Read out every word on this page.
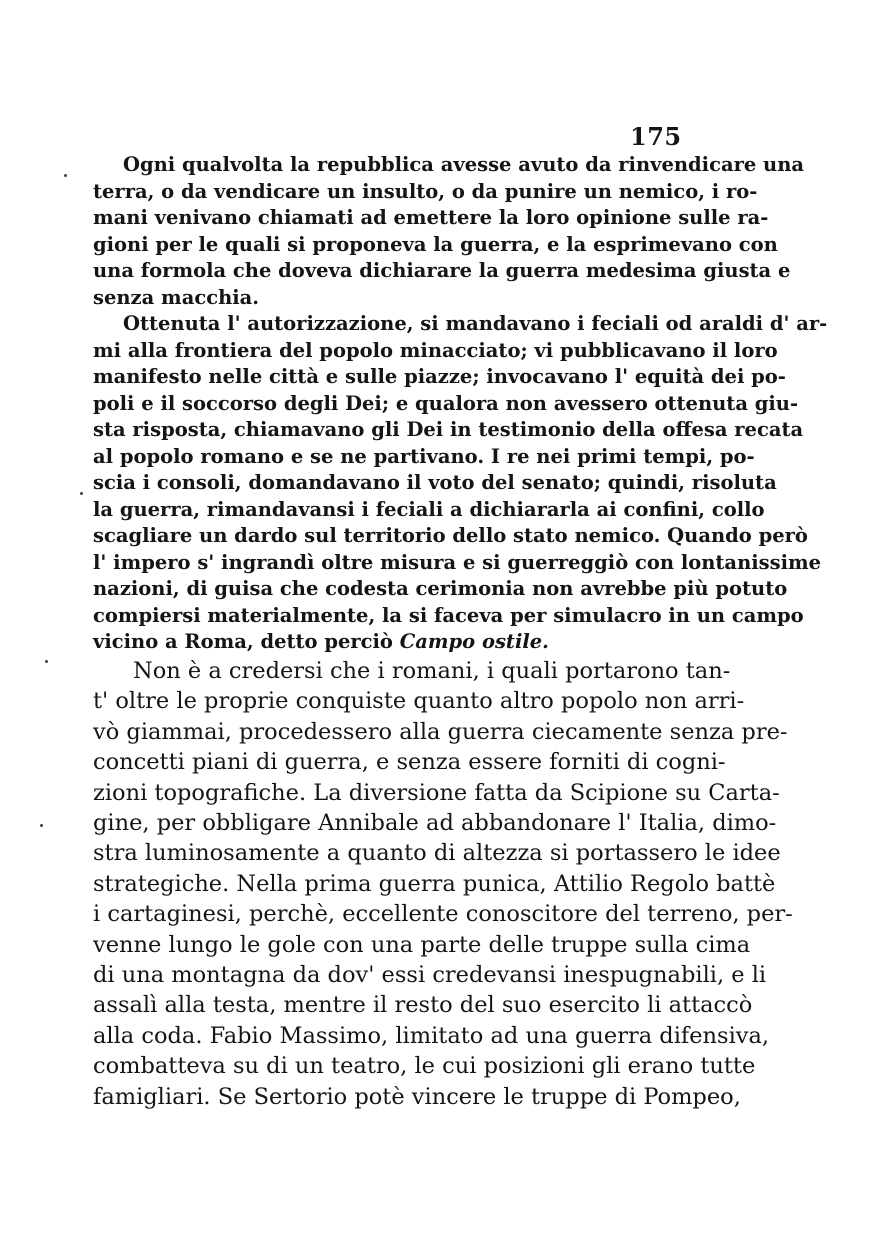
175
Ogni qualvolta la repubblica avesse avuto da rinvendicare una
terra, o da vendicare un insulto, o da punire un nemico, i ro-
mani venivano chiamati ad emettere la loro opinione sulle ra-
gioni per le quali si proponeva la guerra, e la esprimevano con
una formola che doveva dichiarare la guerra medesima giusta e
senza macchia.
Ottenuta l' autorizzazione, si mandavano i feciali od araldi d' ar-
mi alla frontiera del popolo minacciato; vi pubblicavano il loro
manifesto nelle città e sulle piazze; invocavano l' equità dei po-
poli e il soccorso degli Dei; e qualora non avessero ottenuta giu-
sta risposta, chiamavano gli Dei in testimonio della offesa recata
al popolo romano e se ne partivano. I re nei primi tempi, po-
scia i consoli, domandavano il voto del senato; quindi, risoluta
la guerra, rimandavansi i feciali a dichiararla ai confini, collo
scagliare un dardo sul territorio dello stato nemico. Quando però
l' impero s' ingrandì oltre misura e si guerreggiò con lontanissime
nazioni, di guisa che codesta cerimonia non avrebbe più potuto
compiersi materialmente, la si faceva per simulacro in un campo
vicino a Roma, detto perciò Campo ostile.
Non è a credersi che i romani, i quali portarono tan-
t' oltre le proprie conquiste quanto altro popolo non arri-
vò giammai, procedessero alla guerra ciecamente senza pre-
concetti piani di guerra, e senza essere forniti di cogni-
zioni topografiche. La diversione fatta da Scipione su Carta-
gine, per obbligare Annibale ad abbandonare l' Italia, dimo-
stra luminosamente a quanto di altezza si portassero le idee
strategiche. Nella prima guerra punica, Attilio Regolo battè
i cartaginesi, perchè, eccellente conoscitore del terreno, per-
venne lungo le gole con una parte delle truppe sulla cima
di una montagna da dov' essi credevansi inespugnabili, e li
assalì alla testa, mentre il resto del suo esercito li attaccò
alla coda. Fabio Massimo, limitato ad una guerra difensiva,
combatteva su di un teatro, le cui posizioni gli erano tutte
famigliari. Se Sertorio potè vincere le truppe di Pompeo,
